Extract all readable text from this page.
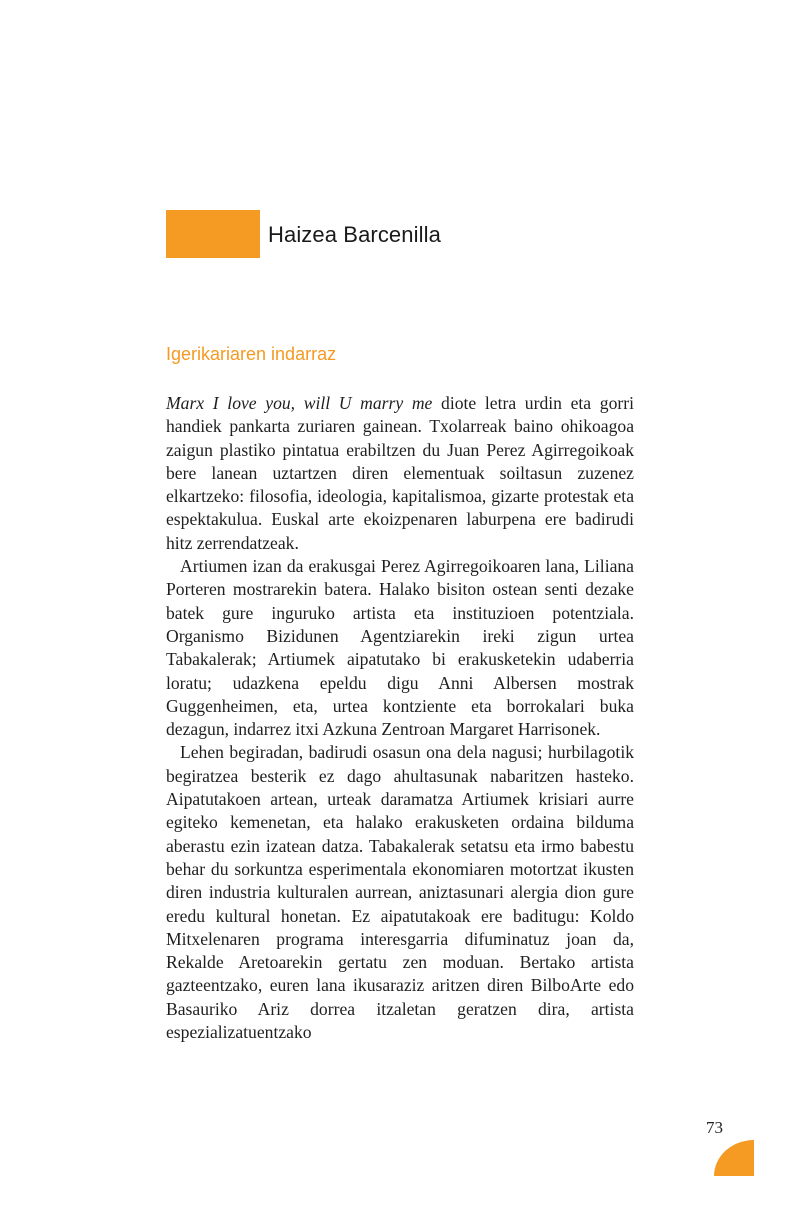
Haizea Barcenilla
Igerikariaren indarraz

Marx I love you, will U marry me diote letra urdin eta gorri handiek pankarta zuriaren gainean. Txolarreak baino ohikoagoa zaigun plastiko pintatua erabiltzen du Juan Perez Agirregoikoak bere lanean uztartzen diren elementuak soiltasun zuzenez elkartzeko: filosofia, ideologia, kapitalismoa, gizarte protestak eta espektakulua. Euskal arte ekoizpenaren laburpena ere badirudi hitz zerrendatzeak.

Artiumen izan da erakusgai Perez Agirregoikoaren lana, Liliana Porteren mostrarekin batera. Halako bisiton ostean senti dezake batek gure inguruko artista eta instituzioen potentziala. Organismo Bizidunen Agentziarekin ireki zigun urtea Tabakalerak; Artiumek aipatutako bi erakusketekin udaberria loratu; udazkena epeldu digu Anni Albersen mostrak Guggenheimen, eta, urtea kontziente eta borrokalari buka dezagun, indarrez itxi Azkuna Zentroan Margaret Harrisonek.

Lehen begiradan, badirudi osasun ona dela nagusi; hurbilagotik begiratzea besterik ez dago ahultasunak nabaritzen hasteko. Aipatutakoen artean, urteak daramatza Artiumek krisiari aurre egiteko kemenetan, eta halako erakusketen ordaina bilduma aberastu ezin izatean datza. Tabakalerak setatsu eta irmo babestu behar du sorkuntza esperimentala ekonomiaren motortzat ikusten diren industria kulturalen aurrean, aniztasunari alergia dion gure eredu kultural honetan. Ez aipatutakoak ere baditugu: Koldo Mitxelenaren programa interesgarria difuminatuz joan da, Rekalde Aretoarekin gertatu zen moduan. Bertako artista gazteentzako, euren lana ikusaraziz aritzen diren BilboArte edo Basauriko Ariz dorrea itzaletan geratzen dira, artista espezializatuentzako

73
